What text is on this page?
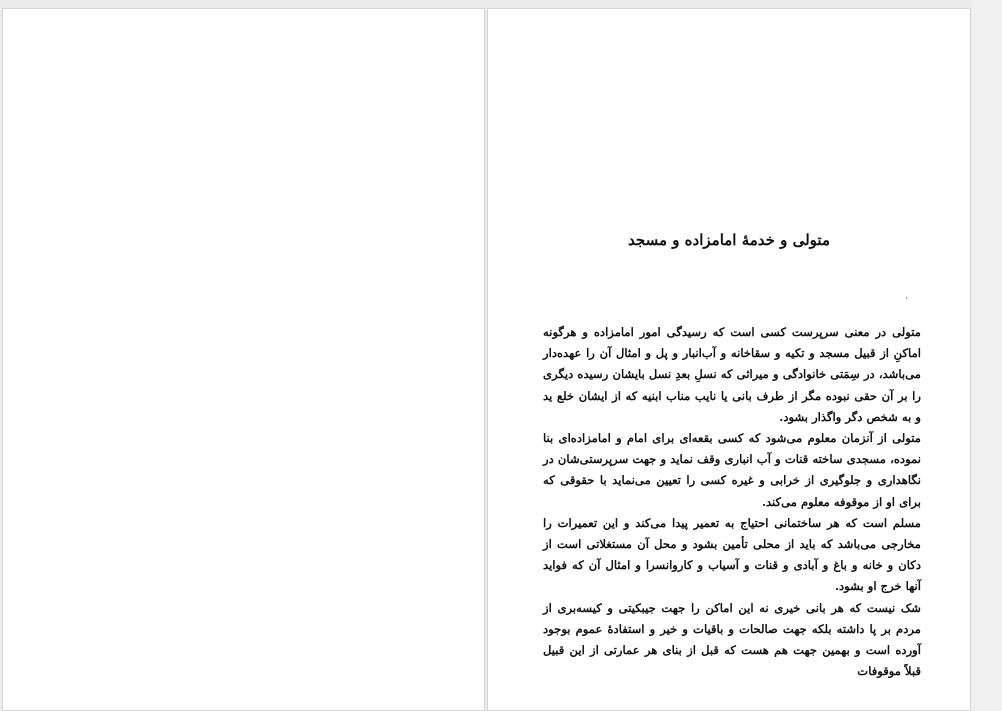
متولی و خدمهٔ امامزاده و مسجد
˙

متولی در معنی سرپرست کسی است که رسیدگی امور امامزاده و هرگونه اماکنِ از قبیل مسجد و تکیه و سقاخانه و آب‌انبار و پل و امثال آن را عهده‌دار می‌باشد، در سِمَتی خانوادگی و میراثی که نسلِ بعدِ نسل بایشان رسیده دیگری را بر آن حقی نبوده مگر از طرف بانی یا نایب مناب ابنیه که از ایشان خلع ید و به شخص دگر واگذار بشود.

متولی از آنزمان معلوم می‌شود که کسی بقعه‌ای برای امام و امامزاده‌ای بنا نموده، مسجدی ساخته قنات و آب انباری وقف نماید و جهت سرپرستی‌شان در نگاهداری و جلوگیری از خرابی و غیره کسی را تعیین می‌نماید با حقوقی که برای او از موقوفه معلوم می‌کند.

مسلم است که هر ساختمانی احتیاج به تعمیر پیدا می‌کند و این تعمیرات را مخارجی می‌باشد که باید از محلی تأمین بشود و محل آن مستغلاتی است از دکان و خانه و باغ و آبادی و قنات و آسیاب و کاروانسرا و امثال آن که فواید آنها خرج او بشود.

شک نیست که هر بانی خیری نه این اماکن را جهت جیبکیتی و کیسه‌بری از مردم بر پا داشته بلکه جهت صالحات و باقیات و خیر و استفادهٔ عموم بوجود آورده است و بهمین جهت هم هست که قبل از بنای هر عمارتی از این قبیل قبلاً موقوفات
